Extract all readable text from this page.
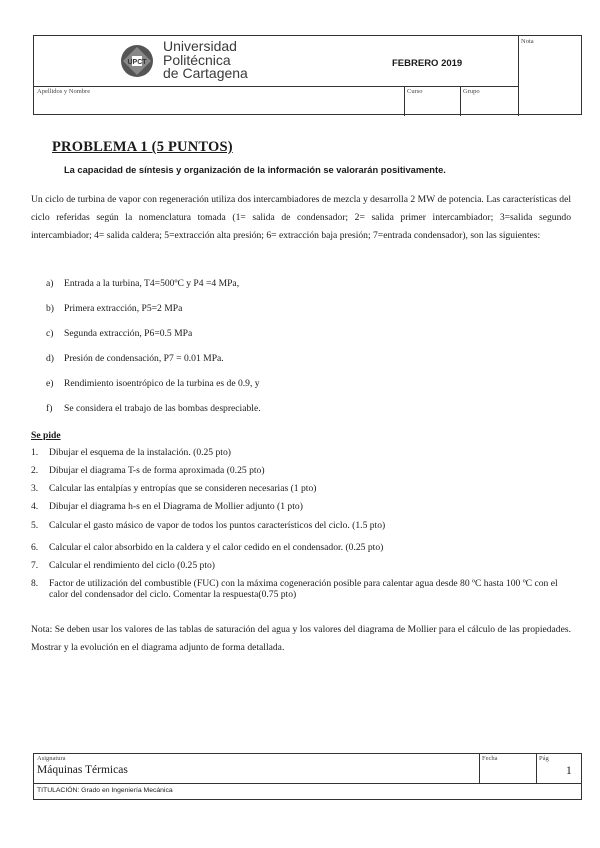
UPCT
Universidad
Politécnica
de Cartagena
FEBRERO 2019
Nota
Apellidos y Nombre	Curso	Grupo
PROBLEMA 1 (5 PUNTOS)
La capacidad de síntesis y organización de la información se valorarán positivamente.
Un ciclo de turbina de vapor con regeneración utiliza dos intercambiadores de mezcla y desarrolla 2 MW de potencia. Las características del ciclo referidas según la nomenclatura tomada (1= salida de condensador; 2= salida primer intercambiador; 3=salida segundo intercambiador; 4= salida caldera; 5=extracción alta presión; 6= extracción baja presión; 7=entrada condensador), son las siguientes:
a) Entrada a la turbina, T4=500ºC y P4 =4 MPa,
b) Primera extracción, P5=2 MPa
c) Segunda extracción, P6=0.5 MPa
d) Presión de condensación, P7 = 0.01 MPa.
e) Rendimiento isoentrópico de la turbina es de 0.9, y
f) Se considera el trabajo de las bombas despreciable.
Se pide
1.	Dibujar el esquema de la instalación. (0.25 pto)
2.	Dibujar el diagrama T-s de forma aproximada (0.25 pto)
3.	Calcular las entalpías y entropías que se consideren necesarias (1 pto)
4.	Dibujar el diagrama h-s en el Diagrama de Mollier adjunto (1 pto)
5.	Calcular el gasto másico de vapor de todos los puntos característicos del ciclo. (1.5 pto)
6.	Calcular el calor absorbido en la caldera y el calor cedido en el condensador. (0.25 pto)
7.	Calcular el rendimiento del ciclo (0.25 pto)
8.	Factor de utilización del combustible (FUC) con la máxima cogeneración posible para calentar agua desde 80 ºC hasta 100 ºC con el calor del condensador del ciclo. Comentar la respuesta(0.75 pto)
Nota: Se deben usar los valores de las tablas de saturación del agua y los valores del diagrama de Mollier para el cálculo de las propiedades. Mostrar y la evolución en el diagrama adjunto de forma detallada.
Asignatura
Máquinas Térmicas
Fecha	Pág
1
TITULACIÓN: Grado en Ingeniería Mecánica
